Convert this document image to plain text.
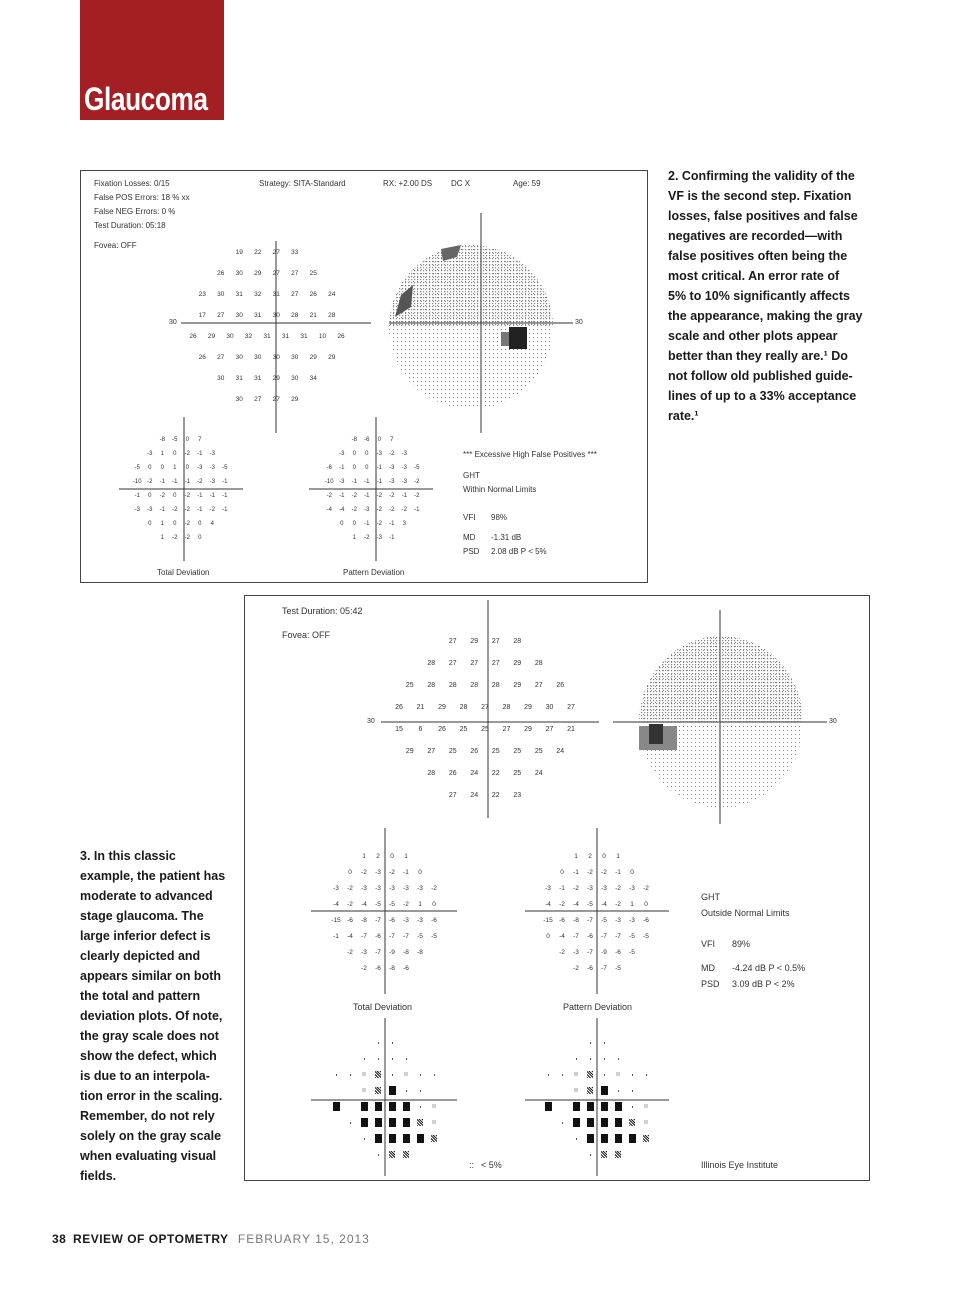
Glaucoma
2. Confirming the validity of the
VF is the second step. Fixation
losses, false positives and false
negatives are recorded—with
false positives often being the
most critical. An error rate of
5% to 10% significantly affects
the appearance, making the gray
scale and other plots appear
better than they really are.¹ Do
not follow old published guide-
lines of up to a 33% acceptance
rate.¹
3. In this classic
example, the patient has
moderate to advanced
stage glaucoma. The
large inferior defect is
clearly depicted and
appears similar on both
the total and pattern
deviation plots. Of note,
the gray scale does not
show the defect, which
is due to an interpola-
tion error in the scaling.
Remember, do not rely
solely on the gray scale
when evaluating visual
fields.
Fixation Losses: 0/15
False POS Errors: 18 % xx
False NEG Errors: 0 %
Test Duration: 05:18
Fovea: OFF
Strategy: SITA-Standard	RX: +2.00 DS DC X	Age: 59
30	30
19	22	27	33
26	30	29	27	27	25
23	30	31	32	31	27	26	24
17	27	30	31	30	28	21	28
26	29	30	32	31	31	31	10	26
26	27	30	30	30	30	29	29
30	31	31	29	30	34
30	27	27	29
-8	-5	0	7
-3	1	0	-2	-1	-3
-5	0	0	1	0	-3	-3	-5
-10 -2	-1	-1	-1	-2	-3	-1
-1	0	-2	0	-2	-1	-1	-1
-3	-3	-1	-2	-2	-1	-2	-1
0	1	0	-2	0	4
1	-2	-2	0
-8	-6	0	7
-3	0	0	-3	-2	-3
-6	-1	0	0	-1	-3	-3	-5
-10 -3	-1	-1	-1	-3	-3	-2
-2	-1	-2	-1	-2	-2	-1	-2
-4	-4	-2	-3	-2	-2	-2	-1
0	0	-1	-2	-1	3
1	-2	-3	-1
*** Excessive High False Positives ***
GHT
Within Normal Limits
VFI 98%
MD -1.31 dB
PSD 2.08 dB P < 5%
Total Deviation	Pattern Deviation
Test Duration: 05:42
Fovea: OFF
30	30
27	29	27	28
28	27	27	27	29	28
25	28	28	28	28	29	27	26
26	21	29	28	27	28	29	30	27
15	6	26	25	25	27	29	27	21
29	27	25	26	25	25	25	24
28	26	24	22	25	24
27	24	22	23
1	2	0	1
0	-2	-3	-2	-1	0
-3	-2	-3	-3	-3	-3	-3	-2
-4	-2	-4	-5	-5	-2	1	0
-15 -6	-8	-7	-6	-3	-3	-6
-1	-4	-7	-6	-7	-7	-5	-5
-2	-3	-7	-9	-8	-8
-2	-6	-8	-6
1	2	0	1
0	-1	-2	-2	-1	0
-3	-1	-2	-3	-3	-2	-3	-2
-4	-2	-4	-5	-4	-2	1	0
-15 -6	-8	-7	-5	-3	-3	-6
0	-4	-7	-6	-7	-7	-5	-5
-2	-3	-7	-9	-6	-5
-2	-6	-7	-5
GHT
Outside Normal Limits
VFI 89%
MD -4.24 dB P < 0.5%
PSD 3.09 dB P < 2%
Total Deviation	Pattern Deviation
:: < 5%	Illinois Eye Institute
38 REVIEW OF OPTOMETRY FEBRUARY 15, 2013
